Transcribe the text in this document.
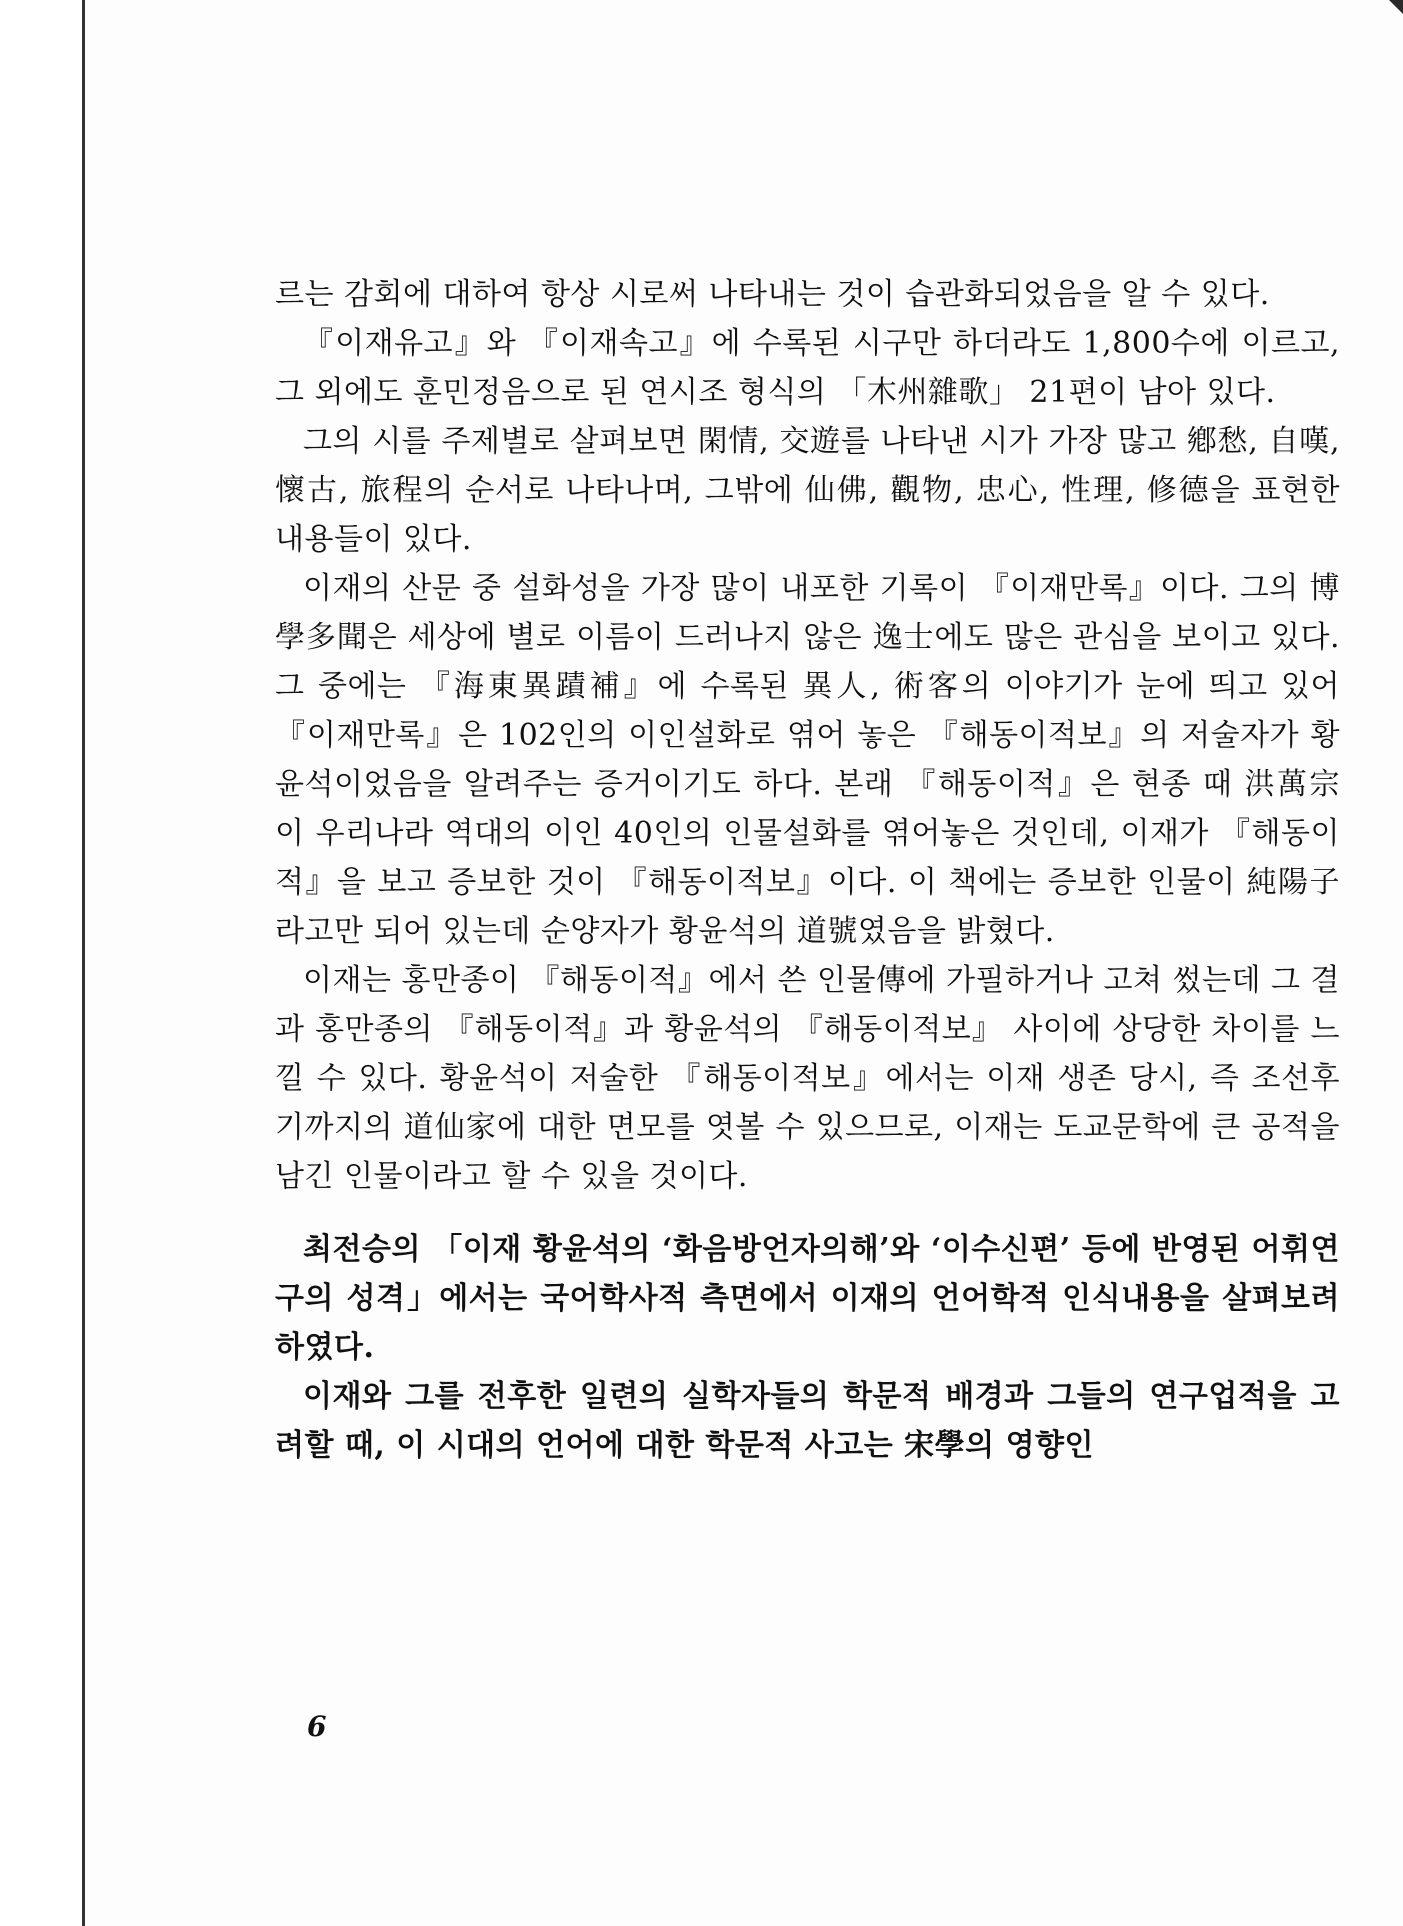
르는 감회에 대하여 항상 시로써 나타내는 것이 습관화되었음을 알 수 있다.

『이재유고』와 『이재속고』에 수록된 시구만 하더라도 1,800수에 이르고, 그 외에도 훈민정음으로 된 연시조 형식의 「木州雜歌」 21편이 남아 있다.

그의 시를 주제별로 살펴보면 閑情, 交遊를 나타낸 시가 가장 많고 鄕愁, 自嘆, 懷古, 旅程의 순서로 나타나며, 그밖에 仙佛, 觀物, 忠心, 性理, 修德을 표현한 내용들이 있다.

이재의 산문 중 설화성을 가장 많이 내포한 기록이 『이재만록』이다. 그의 博學多聞은 세상에 별로 이름이 드러나지 않은 逸士에도 많은 관심을 보이고 있다. 그 중에는 『海東異蹟補』에 수록된 異人, 術客의 이야기가 눈에 띄고 있어 『이재만록』은 102인의 이인설화로 엮어 놓은 『해동이적보』의 저술자가 황윤석이었음을 알려주는 증거이기도 하다. 본래 『해동이적』은 현종 때 洪萬宗이 우리나라 역대의 이인 40인의 인물설화를 엮어놓은 것인데, 이재가 『해동이적』을 보고 증보한 것이 『해동이적보』이다. 이 책에는 증보한 인물이 純陽子라고만 되어 있는데 순양자가 황윤석의 道號였음을 밝혔다.

이재는 홍만종이 『해동이적』에서 쓴 인물傳에 가필하거나 고쳐 썼는데 그 결과 홍만종의 『해동이적』과 황윤석의 『해동이적보』 사이에 상당한 차이를 느낄 수 있다. 황윤석이 저술한 『해동이적보』에서는 이재 생존 당시, 즉 조선후기까지의 道仙家에 대한 면모를 엿볼 수 있으므로, 이재는 도교문학에 큰 공적을 남긴 인물이라고 할 수 있을 것이다.

최전승의 「이재 황윤석의 ‘화음방언자의해’와 ‘이수신편’ 등에 반영된 어휘연구의 성격」에서는 국어학사적 측면에서 이재의 언어학적 인식내용을 살펴보려 하였다.

이재와 그를 전후한 일련의 실학자들의 학문적 배경과 그들의 연구업적을 고려할 때, 이 시대의 언어에 대한 학문적 사고는 宋學의 영향인

6
